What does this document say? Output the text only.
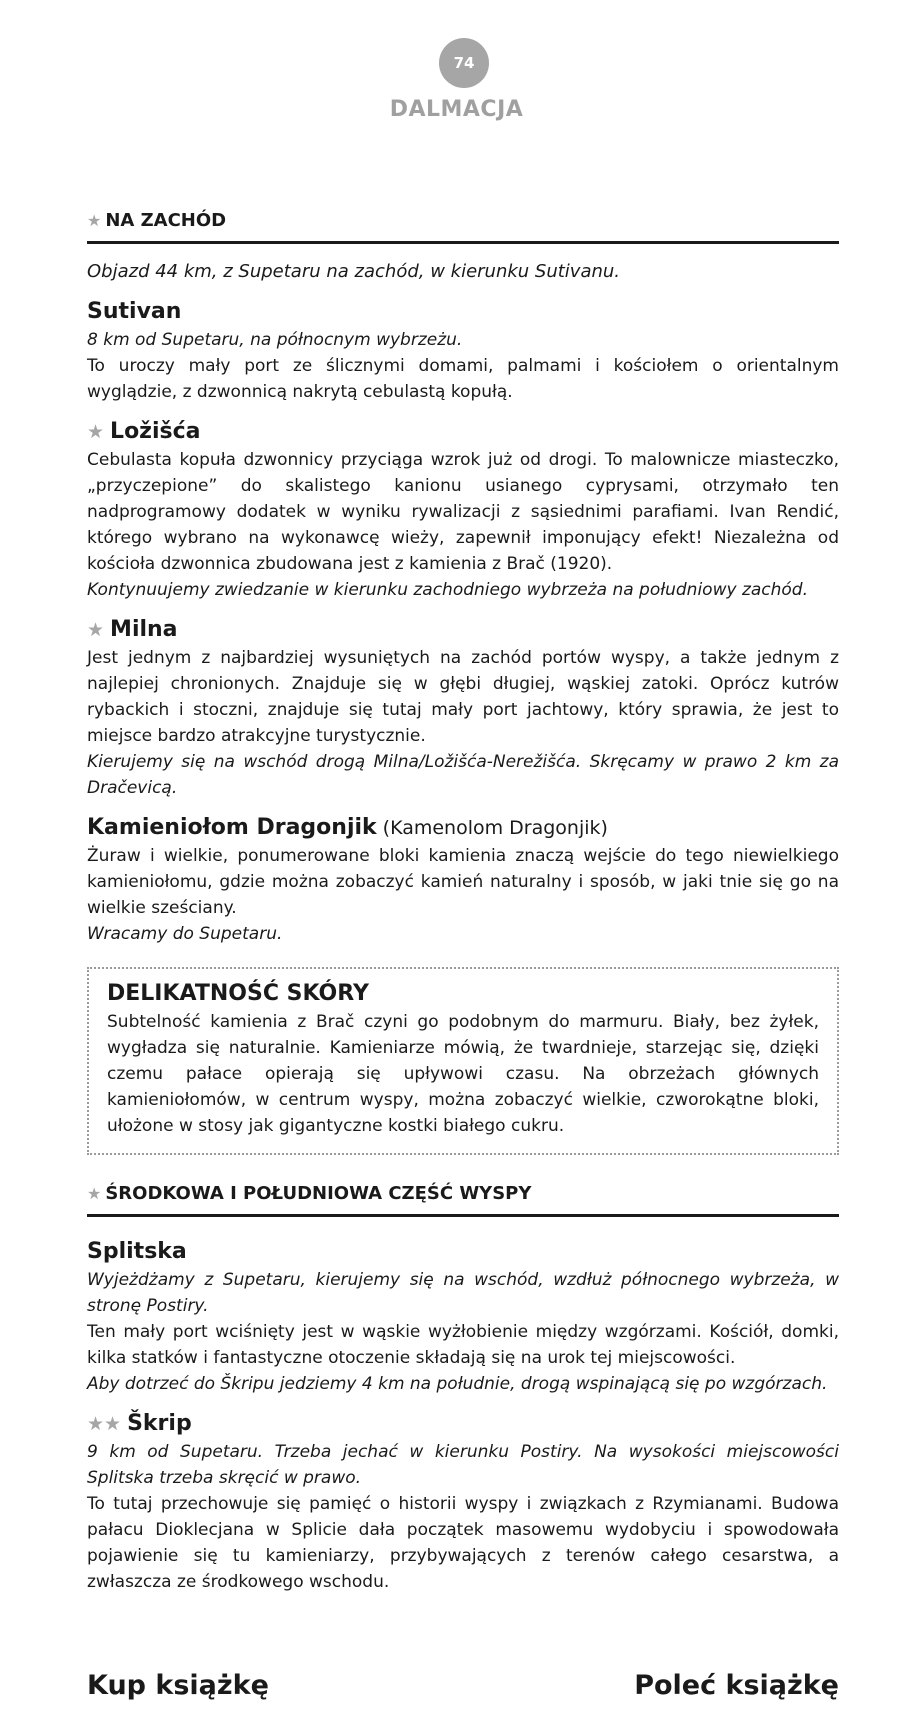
74
DALMACJA
★ NA ZACHÓD
Objazd 44 km, z Supetaru na zachód, w kierunku Sutivanu.
Sutivan

8 km od Supetaru, na północnym wybrzeżu.

To uroczy mały port ze ślicznymi domami, palmami i kościołem o orientalnym wyglądzie, z dzwonnicą nakrytą cebulastą kopułą.

★ Ložišća

Cebulasta kopuła dzwonnicy przyciąga wzrok już od drogi. To malownicze miasteczko, „przyczepione” do skalistego kanionu usianego cyprysami, otrzymało ten nadprogramowy dodatek w wyniku rywalizacji z sąsiednimi parafiami. Ivan Rendić, którego wybrano na wykonawcę wieży, zapewnił imponujący efekt! Niezależna od kościoła dzwonnica zbudowana jest z kamienia z Brač (1920).

Kontynuujemy zwiedzanie w kierunku zachodniego wybrzeża na południowy zachód.

★ Milna

Jest jednym z najbardziej wysuniętych na zachód portów wyspy, a także jednym z najlepiej chronionych. Znajduje się w głębi długiej, wąskiej zatoki. Oprócz kutrów rybackich i stoczni, znajduje się tutaj mały port jachtowy, który sprawia, że jest to miejsce bardzo atrakcyjne turystycznie.

Kierujemy się na wschód drogą Milna/Ložišća-Nerežišća. Skręcamy w prawo 2 km za Dračevicą.

Kamieniołom Dragonjik (Kamenolom Dragonjik)

Żuraw i wielkie, ponumerowane bloki kamienia znaczą wejście do tego niewielkiego kamieniołomu, gdzie można zobaczyć kamień naturalny i sposób, w jaki tnie się go na wielkie sześciany.

Wracamy do Supetaru.

DELIKATNOŚĆ SKÓRY

Subtelność kamienia z Brač czyni go podobnym do marmuru. Biały, bez żyłek, wygładza się naturalnie. Kamieniarze mówią, że twardnieje, starzejąc się, dzięki czemu pałace opierają się upływowi czasu. Na obrzeżach głównych kamieniołomów, w centrum wyspy, można zobaczyć wielkie, czworokątne bloki, ułożone w stosy jak gigantyczne kostki białego cukru.

★ ŚRODKOWA I POŁUDNIOWA CZĘŚĆ WYSPY
Splitska

Wyjeżdżamy z Supetaru, kierujemy się na wschód, wzdłuż północnego wybrzeża, w stronę Postiry.

Ten mały port wciśnięty jest w wąskie wyżłobienie między wzgórzami. Kościół, domki, kilka statków i fantastyczne otoczenie składają się na urok tej miejscowości.

Aby dotrzeć do Škripu jedziemy 4 km na południe, drogą wspinającą się po wzgórzach.

★★ Škrip

9 km od Supetaru. Trzeba jechać w kierunku Postiry. Na wysokości miejscowości Splitska trzeba skręcić w prawo.

To tutaj przechowuje się pamięć o historii wyspy i związkach z Rzymianami. Budowa pałacu Dioklecjana w Splicie dała początek masowemu wydobyciu i spowodowała pojawienie się tu kamieniarzy, przybywających z terenów całego cesarstwa, a zwłaszcza ze środkowego wschodu.

Kup książkę	Poleć książkę
